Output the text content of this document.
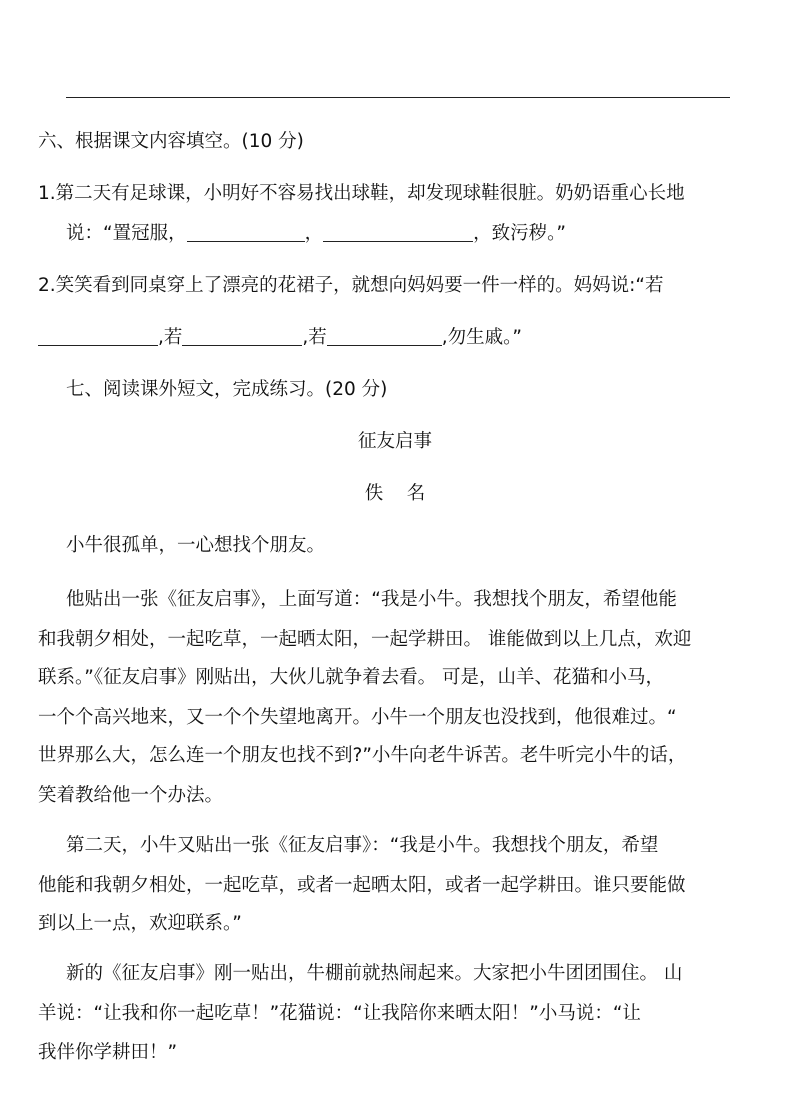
六、根据课文内容填空。(10 分)
1.第二天有足球课，小明好不容易找出球鞋，却发现球鞋很脏。奶奶语重心长地
说：“置冠服，	，	，致污秽。”
2.笑笑看到同桌穿上了漂亮的花裙子，就想向妈妈要一件一样的。妈妈说:“若
,若	,若	,勿生戚。”
七、阅读课外短文，完成练习。(20 分)
征友启事
佚    名
小牛很孤单，一心想找个朋友。
他贴出一张《征友启事》，上面写道：“我是小牛。我想找个朋友，希望他能
和我朝夕相处，一起吃草，一起晒太阳，一起学耕田。 谁能做到以上几点，欢迎
联系。”《征友启事》刚贴出，大伙儿就争着去看。 可是，山羊、花猫和小马，
一个个高兴地来，又一个个失望地离开。小牛一个朋友也没找到，他很难过。“
世界那么大，怎么连一个朋友也找不到?”小牛向老牛诉苦。老牛听完小牛的话，
笑着教给他一个办法。
第二天，小牛又贴出一张《征友启事》：“我是小牛。我想找个朋友，希望
他能和我朝夕相处，一起吃草，或者一起晒太阳，或者一起学耕田。谁只要能做
到以上一点，欢迎联系。”
新的《征友启事》刚一贴出，牛棚前就热闹起来。大家把小牛团团围住。 山
羊说：“让我和你一起吃草！”花猫说：“让我陪你来晒太阳！”小马说：“让
我伴你学耕田！”
